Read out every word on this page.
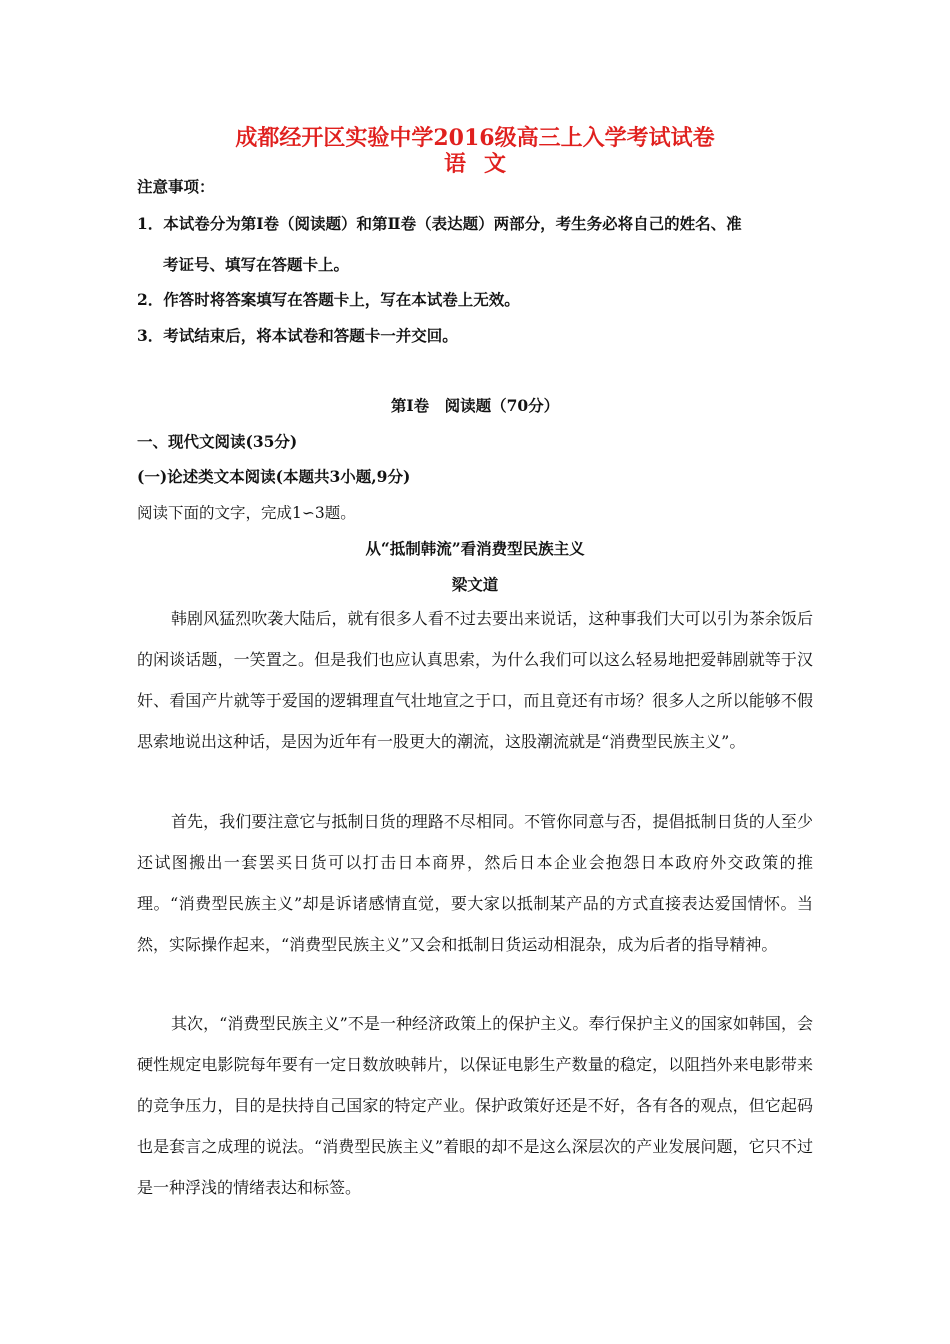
成都经开区实验中学2016级高三上入学考试试卷
语文
注意事项：
1．本试卷分为第Ⅰ卷（阅读题）和第Ⅱ卷（表达题）两部分，考生务必将自己的姓名、准
考证号、填写在答题卡上。
2．作答时将答案填写在答题卡上，写在本试卷上无效。
3．考试结束后，将本试卷和答题卡一并交回。
第Ⅰ卷　阅读题（70分）
一、现代文阅读(35分)
(一)论述类文本阅读(本题共3小题,9分)
阅读下面的文字，完成1∽3题。
从“抵制韩流”看消费型民族主义
梁文道
韩剧风猛烈吹袭大陆后，就有很多人看不过去要出来说话，这种事我们大可以引为茶余饭后的闲谈话题，一笑置之。但是我们也应认真思索，为什么我们可以这么轻易地把爱韩剧就等于汉奸、看国产片就等于爱国的逻辑理直气壮地宣之于口，而且竟还有市场？很多人之所以能够不假思索地说出这种话，是因为近年有一股更大的潮流，这股潮流就是“消费型民族主义”。
首先，我们要注意它与抵制日货的理路不尽相同。不管你同意与否，提倡抵制日货的人至少还试图搬出一套罢买日货可以打击日本商界，然后日本企业会抱怨日本政府外交政策的推理。“消费型民族主义”却是诉诸感情直觉，要大家以抵制某产品的方式直接表达爱国情怀。当然，实际操作起来，“消费型民族主义”又会和抵制日货运动相混杂，成为后者的指导精神。
其次，“消费型民族主义”不是一种经济政策上的保护主义。奉行保护主义的国家如韩国，会硬性规定电影院每年要有一定日数放映韩片，以保证电影生产数量的稳定，以阻挡外来电影带来的竞争压力，目的是扶持自己国家的特定产业。保护政策好还是不好，各有各的观点，但它起码也是套言之成理的说法。“消费型民族主义”着眼的却不是这么深层次的产业发展问题，它只不过是一种浮浅的情绪表达和标签。
